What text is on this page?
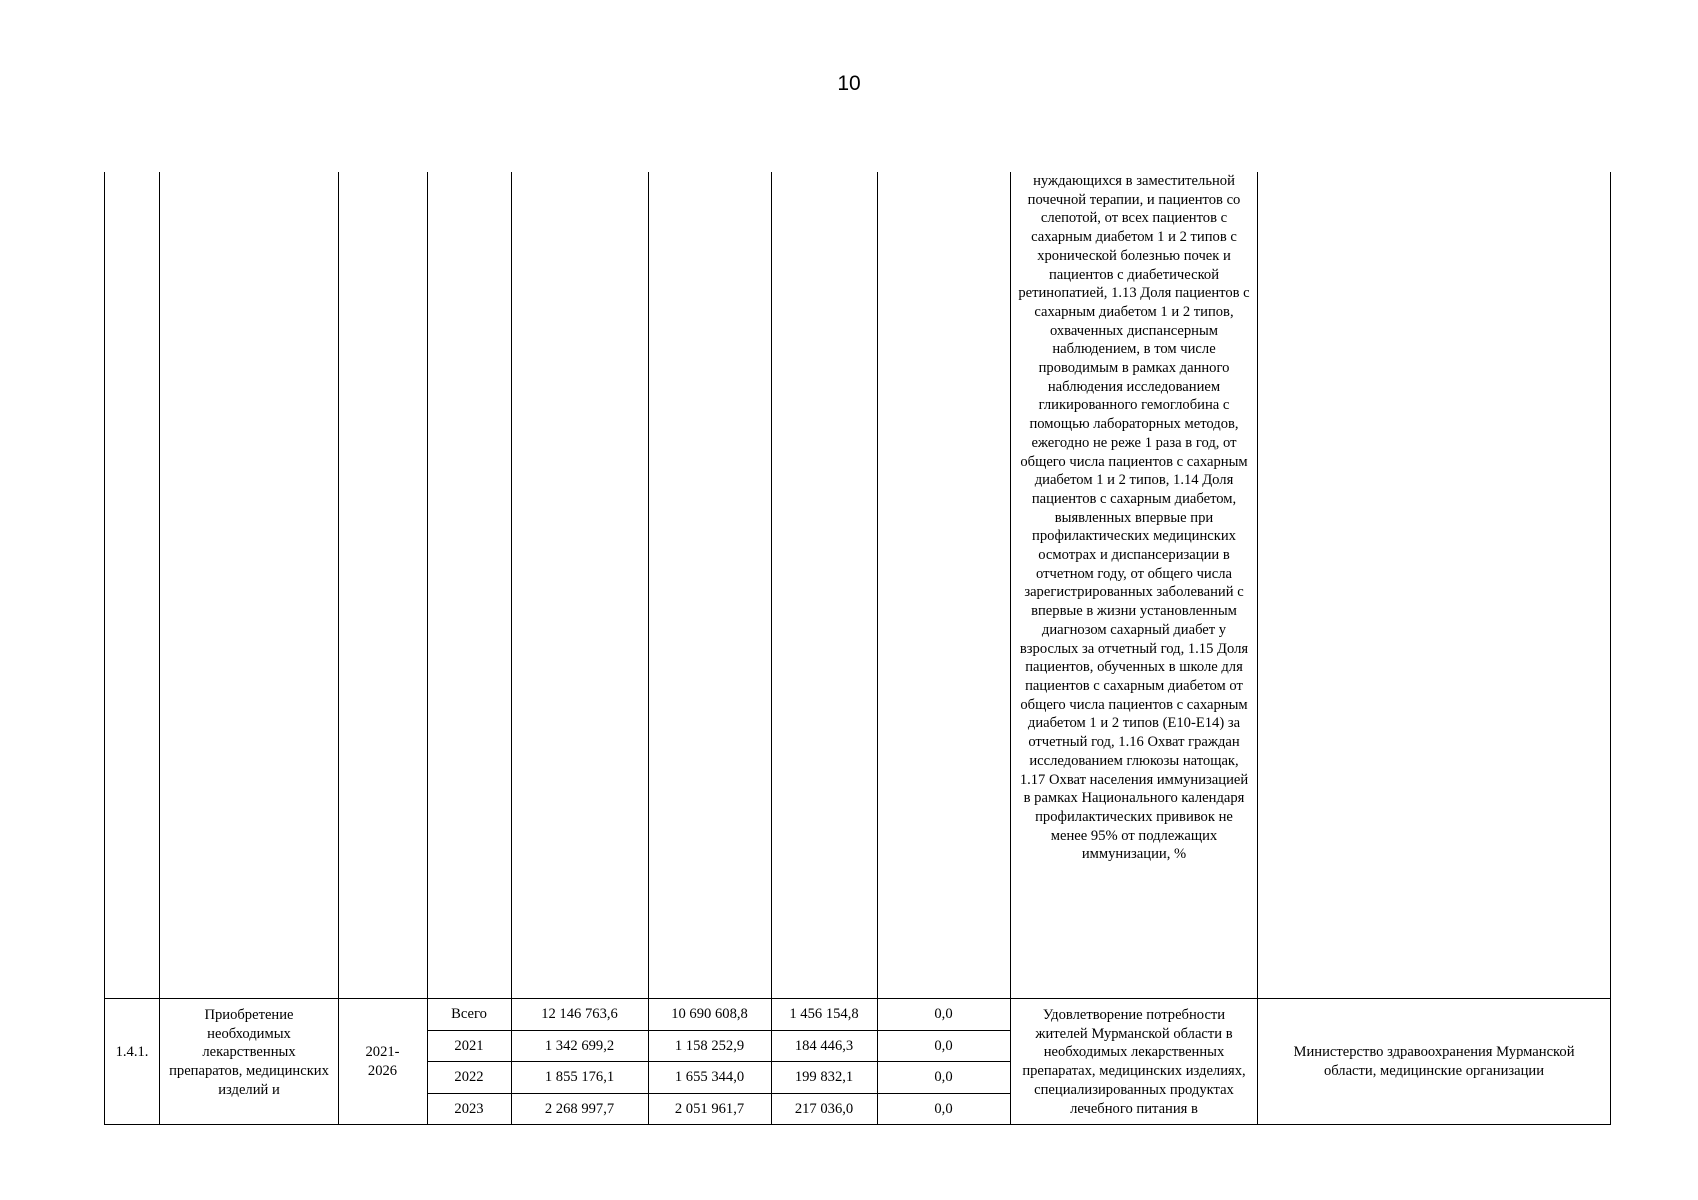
10
нуждающихся в заместительной почечной терапии, и пациентов со слепотой, от всех пациентов с сахарным диабетом 1 и 2 типов с хронической болезнью почек и пациентов с диабетической ретинопатией, 1.13 Доля пациентов с сахарным диабетом 1 и 2 типов, охваченных диспансерным наблюдением, в том числе проводимым в рамках данного наблюдения исследованием гликированного гемоглобина с помощью лабораторных методов, ежегодно не реже 1 раза в год, от общего числа пациентов с сахарным диабетом 1 и 2 типов, 1.14 Доля пациентов с сахарным диабетом, выявленных впервые при профилактических медицинских осмотрах и диспансеризации в отчетном году, от общего числа зарегистрированных заболеваний с впервые в жизни установленным диагнозом сахарный диабет у взрослых за отчетный год, 1.15 Доля пациентов, обученных в школе для пациентов с сахарным диабетом от общего числа пациентов с сахарным диабетом 1 и 2 типов (Е10-Е14) за отчетный год, 1.16 Охват граждан исследованием глюкозы натощак, 1.17 Охват населения иммунизацией в рамках Национального календаря профилактических прививок не менее 95% от подлежащих иммунизации, %
1.4.1.
Приобретение необходимых лекарственных препаратов, медицинских изделий и
2021-2026
Всего	12 146 763,6	10 690 608,8	1 456 154,8	0,0
2021	1 342 699,2	1 158 252,9	184 446,3	0,0
2022	1 855 176,1	1 655 344,0	199 832,1	0,0
2023	2 268 997,7	2 051 961,7	217 036,0	0,0
Удовлетворение потребности жителей Мурманской области в необходимых лекарственных препаратах, медицинских изделиях, специализированных продуктах лечебного питания в
Министерство здравоохранения Мурманской области, медицинские организации
